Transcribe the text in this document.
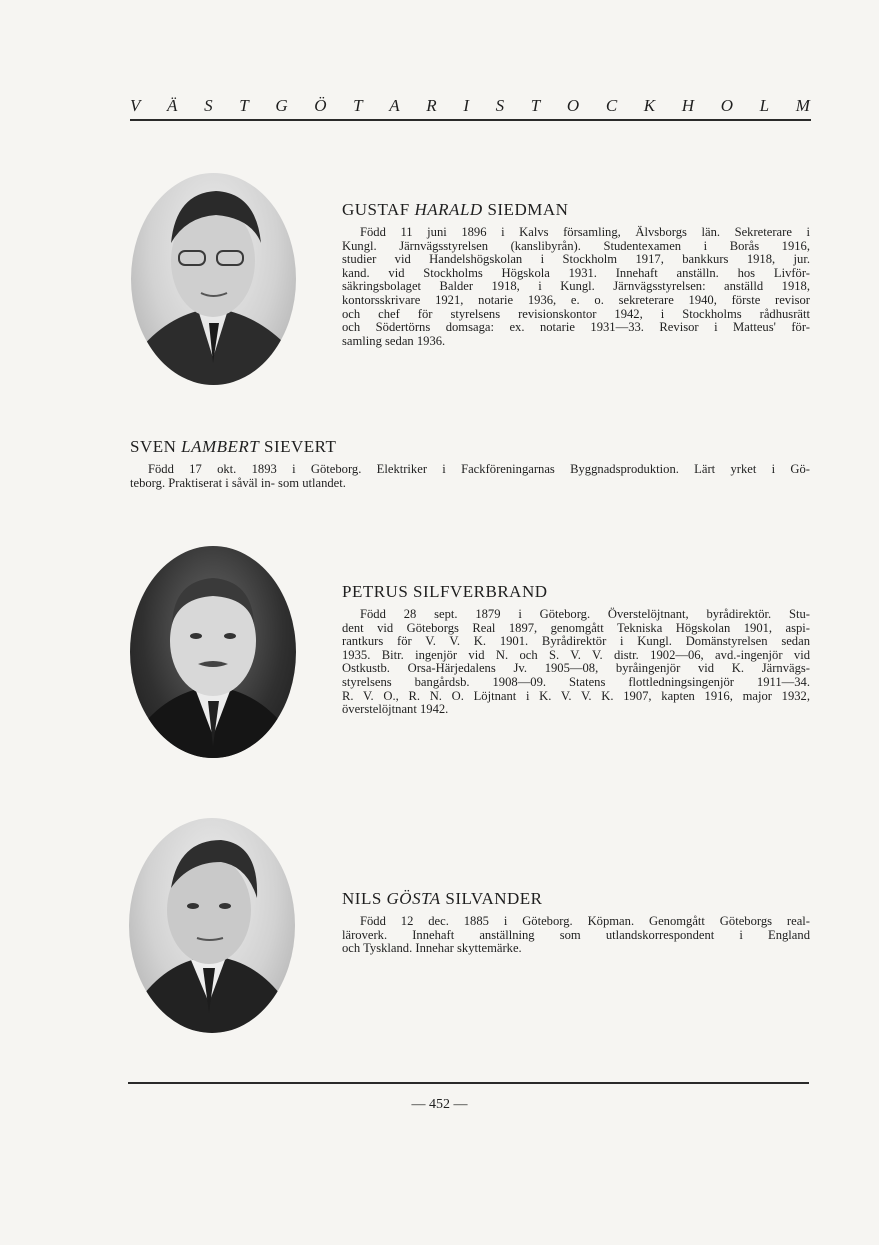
V Ä S T G Ö T A R I S T O C K H O L M
GUSTAF HARALD SIEDMAN
Född 11 juni 1896 i Kalvs församling, Älvsborgs län. Sekreterare i
Kungl. Järnvägsstyrelsen (kanslibyrån). Studentexamen i Borås 1916,
studier vid Handelshögskolan i Stockholm 1917, bankkurs 1918, jur.
kand. vid Stockholms Högskola 1931. Innehaft anställn. hos Livför-
säkringsbolaget Balder 1918, i Kungl. Järnvägsstyrelsen: anställd 1918,
kontorsskrivare 1921, notarie 1936, e. o. sekreterare 1940, förste revisor
och chef för styrelsens revisionskontor 1942, i Stockholms rådhusrätt
och Södertörns domsaga: ex. notarie 1931—33. Revisor i Matteus' för-
samling sedan 1936.
SVEN LAMBERT SIEVERT
Född 17 okt. 1893 i Göteborg. Elektriker i Fackföreningarnas Byggnadsproduktion. Lärt yrket i Gö-
teborg. Praktiserat i såväl in- som utlandet.
PETRUS SILFVERBRAND
Född 28 sept. 1879 i Göteborg. Överstelöjtnant, byrådirektör. Stu-
dent vid Göteborgs Real 1897, genomgått Tekniska Högskolan 1901, aspi-
rantkurs för V. V. K. 1901. Byrådirektör i Kungl. Domänstyrelsen sedan
1935. Bitr. ingenjör vid N. och S. V. V. distr. 1902—06, avd.-ingenjör vid
Ostkustb. Orsa-Härjedalens Jv. 1905—08, byråingenjör vid K. Järnvägs-
styrelsens bangårdsb. 1908—09. Statens flottledningsingenjör 1911—34.
R. V. O., R. N. O. Löjtnant i K. V. V. K. 1907, kapten 1916, major 1932,
överstelöjtnant 1942.
NILS GÖSTA SILVANDER
Född 12 dec. 1885 i Göteborg. Köpman. Genomgått Göteborgs real-
läroverk. Innehaft anställning som utlandskorrespondent i England
och Tyskland. Innehar skyttemärke.
— 452 —
